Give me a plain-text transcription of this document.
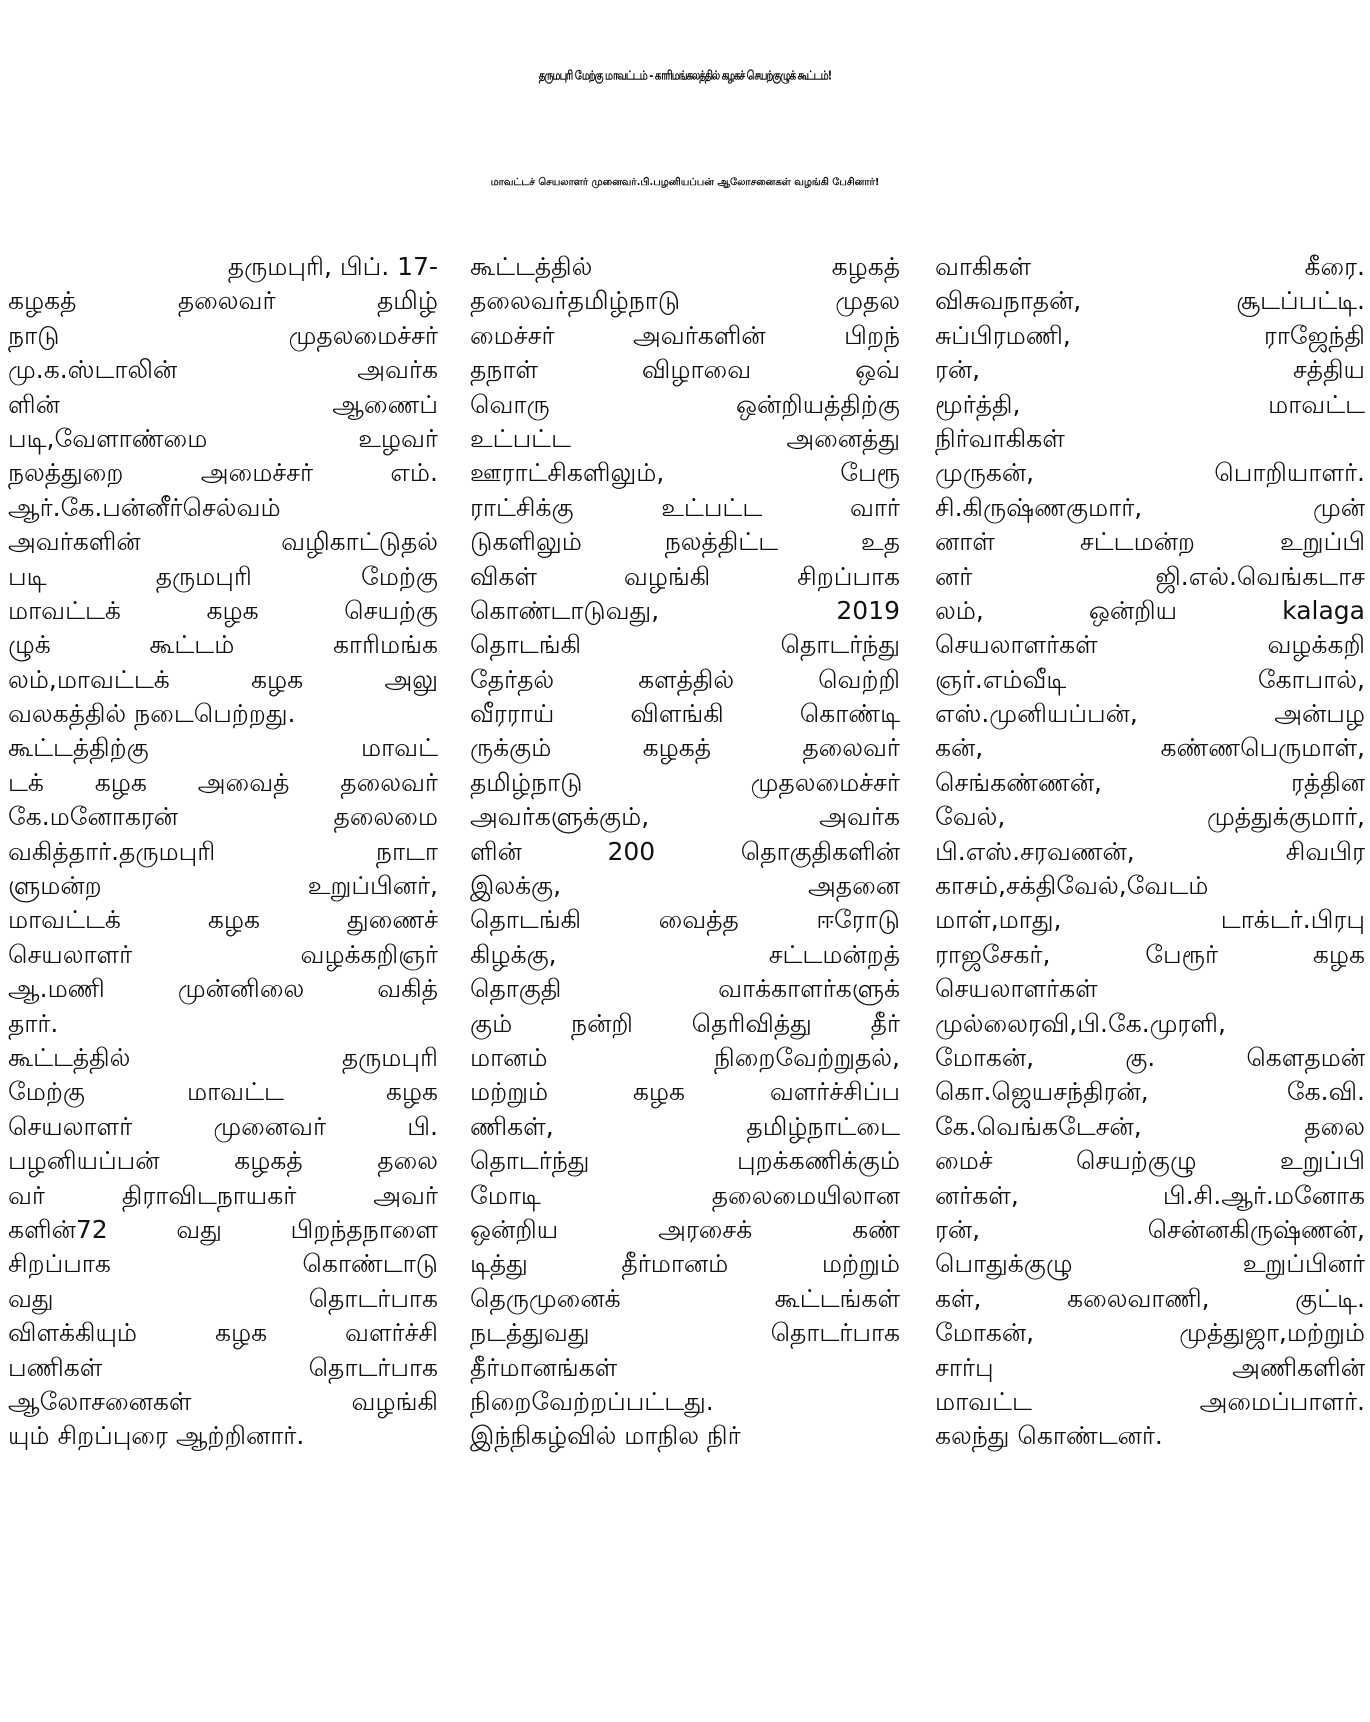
தருமபுரி மேற்கு மாவட்டம் - காரிமங்கலத்தில் கழகச் செயற்குழுக் கூட்டம்!
மாவட்டச் செயலாளர் முனைவர்.பி.பழனியப்பன் ஆலோசனைகள் வழங்கி பேசினார்!
தருமபுரி, பிப். 17-
கழகத் தலைவர் தமிழ்
நாடு முதலமைச்சர்
மு.க.ஸ்டாலின் அவர்க
ளின் ஆணைப்
படி,வேளாண்மை உழவர்
நலத்துறை அமைச்சர் எம்.
ஆர்.கே.பன்னீர்செல்வம்
அவர்களின் வழிகாட்டுதல்
படி தருமபுரி மேற்கு
மாவட்டக் கழக செயற்கு
ழுக் கூட்டம் காரிமங்க
லம்,மாவட்டக் கழக அலு
வலகத்தில் நடைபெற்றது.
கூட்டத்திற்கு மாவட்
டக் கழக அவைத் தலைவர்
கே.மனோகரன் தலைமை
வகித்தார்.தருமபுரி நாடா
ளுமன்ற உறுப்பினர்,
மாவட்டக் கழக துணைச்
செயலாளர் வழக்கறிஞர்
ஆ.மணி முன்னிலை வகித்
தார்.
கூட்டத்தில் தருமபுரி
மேற்கு மாவட்ட கழக
செயலாளர் முனைவர் பி.
பழனியப்பன் கழகத் தலை
வர் திராவிடநாயகர் அவர்
களின்72 வது பிறந்தநாளை
சிறப்பாக கொண்டாடு
வது தொடர்பாக
விளக்கியும் கழக வளர்ச்சி
பணிகள் தொடர்பாக
ஆலோசனைகள் வழங்கி
யும் சிறப்புரை ஆற்றினார்.
கூட்டத்தில் கழகத்
தலைவர்தமிழ்நாடு முதல
மைச்சர் அவர்களின் பிறந்
தநாள் விழாவை ஒவ்
வொரு ஒன்றியத்திற்கு
உட்பட்ட அனைத்து
ஊராட்சிகளிலும், பேரூ
ராட்சிக்கு உட்பட்ட வார்
டுகளிலும் நலத்திட்ட உத
விகள் வழங்கி சிறப்பாக
கொண்டாடுவது, 2019
தொடங்கி தொடர்ந்து
தேர்தல் களத்தில் வெற்றி
வீரராய் விளங்கி கொண்டி
ருக்கும் கழகத் தலைவர்
தமிழ்நாடு முதலமைச்சர்
அவர்களுக்கும், அவர்க
ளின் 200 தொகுதிகளின்
இலக்கு, அதனை
தொடங்கி வைத்த ஈரோடு
கிழக்கு, சட்டமன்றத்
தொகுதி வாக்காளர்களுக்
கும் நன்றி தெரிவித்து தீர்
மானம் நிறைவேற்றுதல்,
மற்றும் கழக வளர்ச்சிப்ப
ணிகள், தமிழ்நாட்டை
தொடர்ந்து புறக்கணிக்கும்
மோடி தலைமையிலான
ஒன்றிய அரசைக் கண்
டித்து தீர்மானம் மற்றும்
தெருமுனைக் கூட்டங்கள்
நடத்துவது தொடர்பாக
தீர்மானங்கள்
நிறைவேற்றப்பட்டது.
இந்நிகழ்வில் மாநில நிர்
வாகிகள் கீரை.
விசுவநாதன், சூடப்பட்டி.
சுப்பிரமணி, ராஜேந்தி
ரன், சத்திய
மூர்த்தி, மாவட்ட
நிர்வாகிகள்
முருகன், பொறியாளர்.
சி.கிருஷ்ணகுமார், முன்
னாள் சட்டமன்ற உறுப்பி
னர் ஜி.எல்.வெங்கடாச
லம், ஒன்றிய kalaga
செயலாளர்கள் வழக்கறி
ஞர்.எம்வீடி கோபால்,
எஸ்.முனியப்பன், அன்பழ
கன், கண்ணபெருமாள்,
செங்கண்ணன், ரத்தின
வேல், முத்துக்குமார்,
பி.எஸ்.சரவணன், சிவபிர
காசம்,சக்திவேல்,வேடம்
மாள்,மாது, டாக்டர்.பிரபு
ராஜசேகர், பேரூர் கழக
செயலாளர்கள்
முல்லைரவி,பி.கே.முரளி,
மோகன், கு. கௌதமன்
கொ.ஜெயசந்திரன், கே.வி.
கே.வெங்கடேசன், தலை
மைச் செயற்குழு உறுப்பி
னர்கள், பி.சி.ஆர்.மனோக
ரன், சென்னகிருஷ்ணன்,
பொதுக்குழு உறுப்பினர்
கள், கலைவாணி, குட்டி.
மோகன், முத்துஜா,மற்றும்
சார்பு அணிகளின்
மாவட்ட அமைப்பாளர்.
கலந்து கொண்டனர்.
